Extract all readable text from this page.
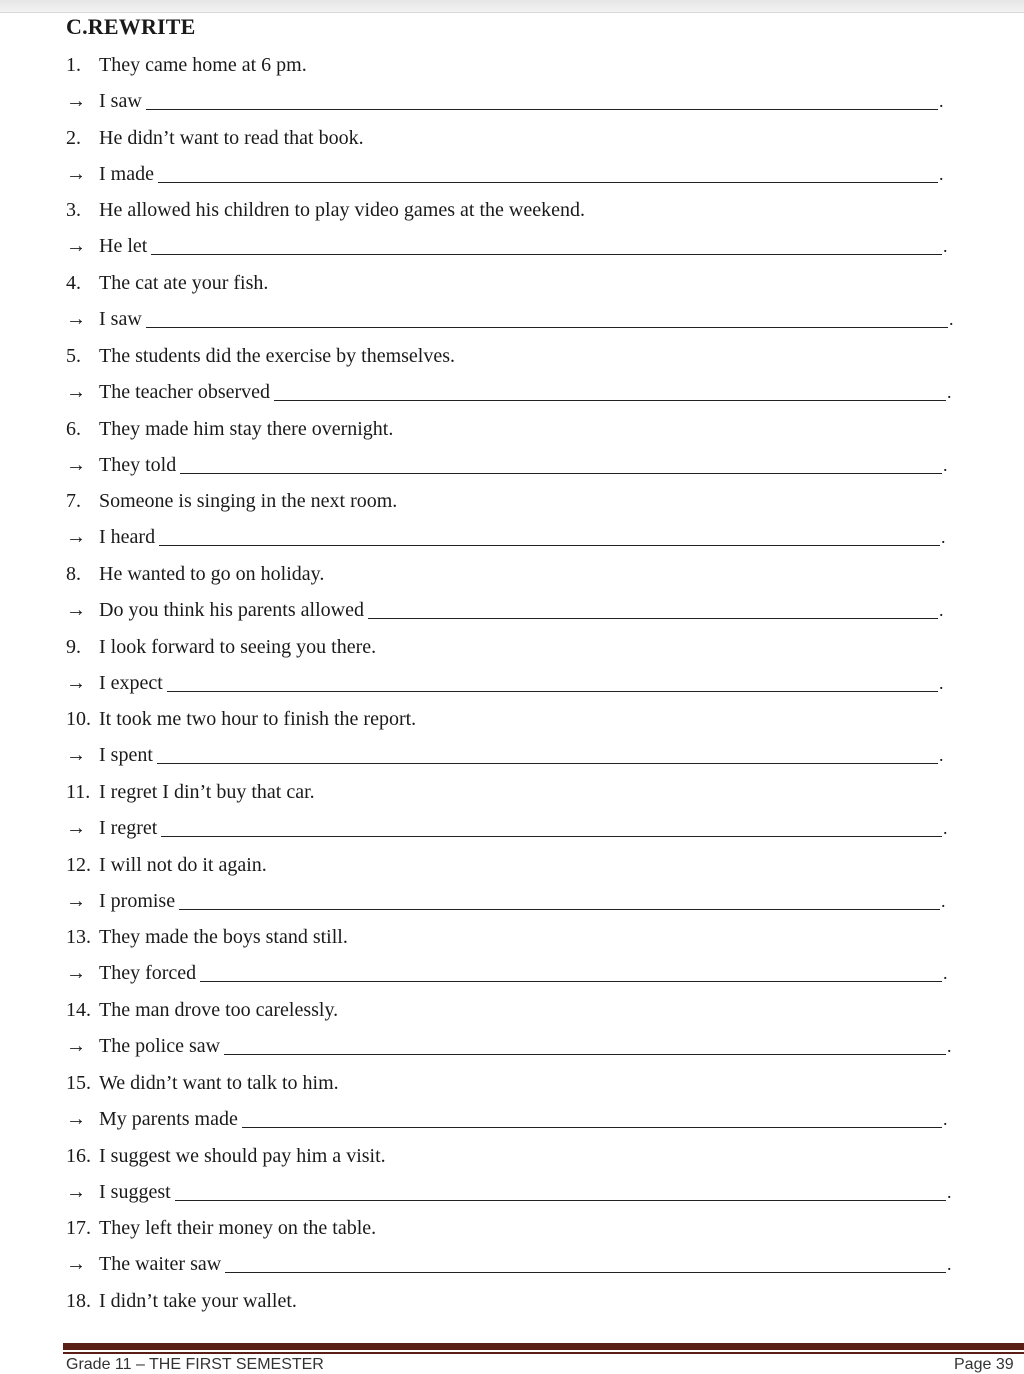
C.REWRITE
1. They came home at 6 pm.
→ I saw	.
2. He didn’t want to read that book.
→ I made	.
3. He allowed his children to play video games at the weekend.
→ He let	.
4. The cat ate your fish.
→ I saw	.
5. The students did the exercise by themselves.
→ The teacher observed	.
6. They made him stay there overnight.
→ They told	.
7. Someone is singing in the next room.
→ I heard	.
8. He wanted to go on holiday.
→ Do you think his parents allowed	.
9. I look forward to seeing you there.
→ I expect	.
10. It took me two hour to finish the report.
→ I spent	.
11. I regret I din’t buy that car.
→ I regret	.
12. I will not do it again.
→ I promise	.
13. They made the boys stand still.
→ They forced	.
14. The man drove too carelessly.
→ The police saw	.
15. We didn’t want to talk to him.
→ My parents made	.
16. I suggest we should pay him a visit.
→ I suggest	.
17. They left their money on the table.
→ The waiter saw	.
18. I didn’t take your wallet.
Grade 11 – THE FIRST SEMESTER	Page 39
